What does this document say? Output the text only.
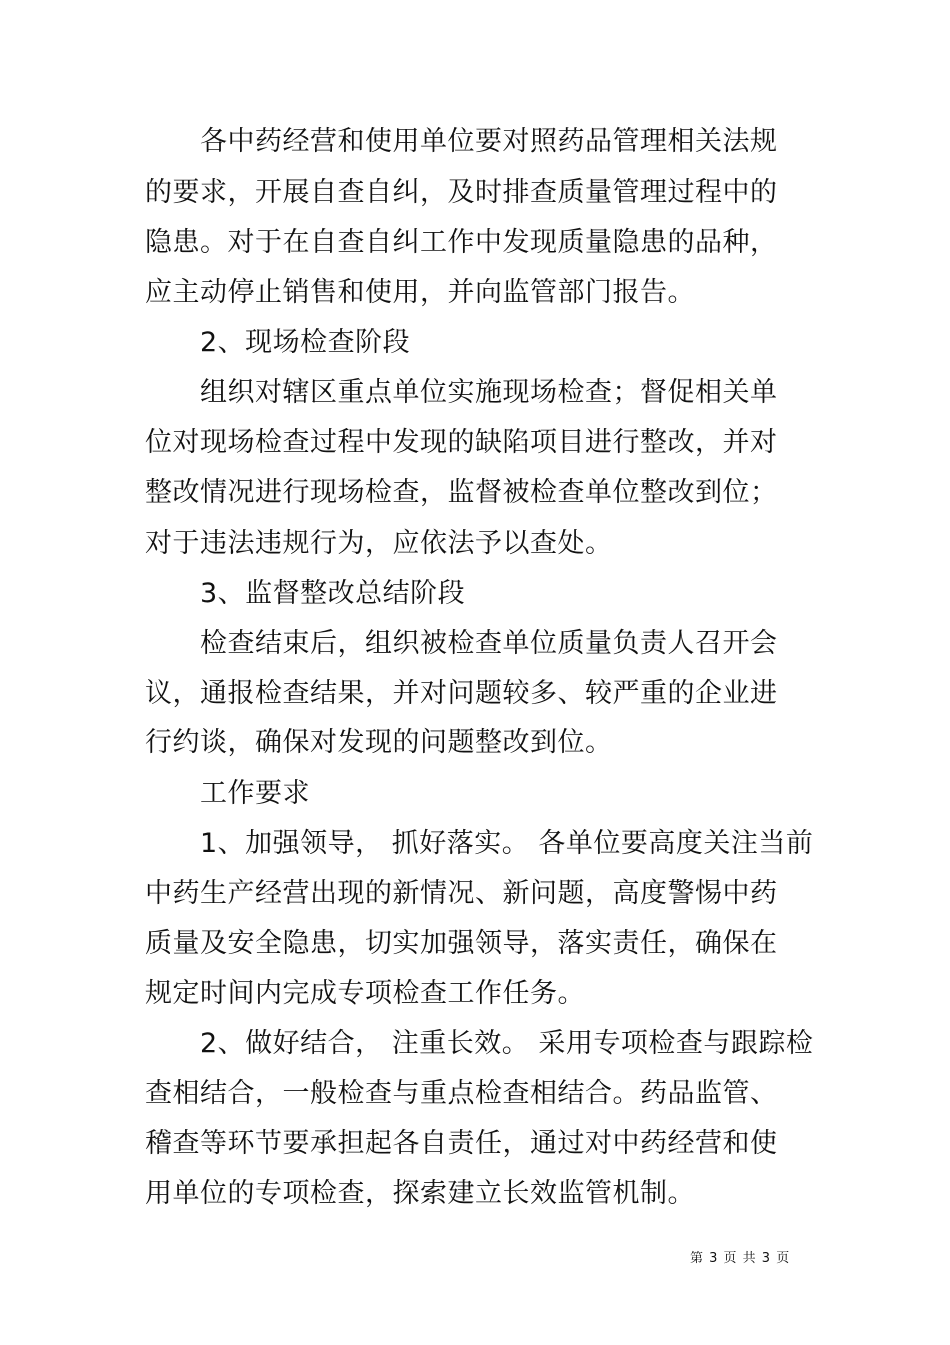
各中药经营和使用单位要对照药品管理相关法规
的要求，开展自查自纠，及时排查质量管理过程中的
隐患。对于在自查自纠工作中发现质量隐患的品种，
应主动停止销售和使用，并向监管部门报告。
2、现场检查阶段
组织对辖区重点单位实施现场检查；督促相关单
位对现场检查过程中发现的缺陷项目进行整改，并对
整改情况进行现场检查，监督被检查单位整改到位；
对于违法违规行为，应依法予以查处。
3、监督整改总结阶段
检查结束后，组织被检查单位质量负责人召开会
议，通报检查结果，并对问题较多、较严重的企业进
行约谈，确保对发现的问题整改到位。
工作要求
1、加强领导， 抓好落实。 各单位要高度关注当前
中药生产经营出现的新情况、新问题，高度警惕中药
质量及安全隐患，切实加强领导，落实责任，确保在
规定时间内完成专项检查工作任务。
2、做好结合， 注重长效。 采用专项检查与跟踪检
查相结合，一般检查与重点检查相结合。药品监管、
稽查等环节要承担起各自责任，通过对中药经营和使
用单位的专项检查，探索建立长效监管机制。
第 3 页 共 3 页
